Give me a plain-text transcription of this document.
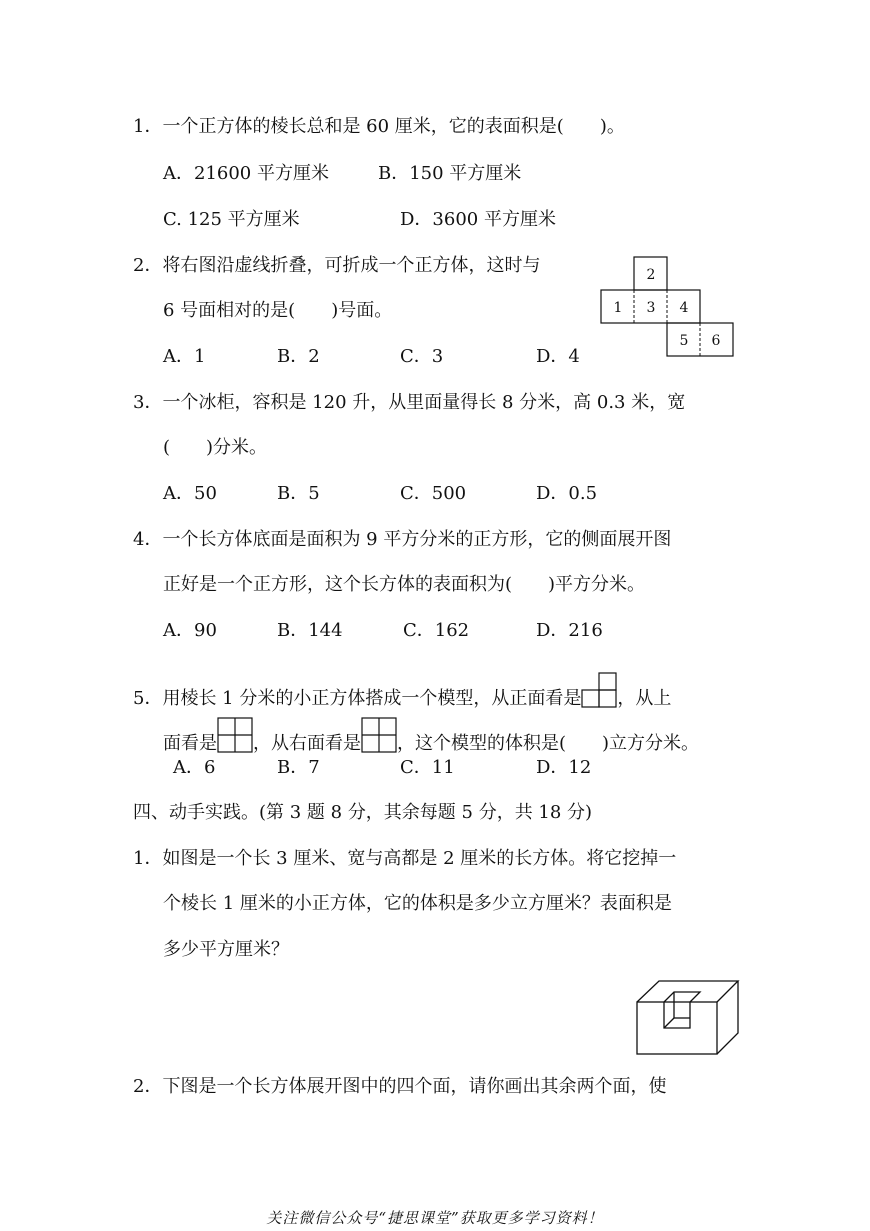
1．一个正方体的棱长总和是 60 厘米，它的表面积是(　　)。
A．21600 平方厘米	B．150 平方厘米
C. 125 平方厘米	D．3600 平方厘米
2．将右图沿虚线折叠，可折成一个正方体，这时与
6 号面相对的是(　　)号面。
A．1	B．2	C．3	D．4
2
1 3 4
5 6
3．一个冰柜，容积是 120 升，从里面量得长 8 分米，高 0.3 米，宽
(　　)分米。
A．50	B．5	C．500	D．0.5
4．一个长方体底面是面积为 9 平方分米的正方形，它的侧面展开图
正好是一个正方形，这个长方体的表面积为(　　)平方分米。
A．90	B．144	C．162	D．216
5．用棱长 1 分米的小正方体搭成一个模型，从正面看是 ，从上
面看是 ，从右面看是 ，这个模型的体积是(　　)立方分米。
A．6	B．7	C．11	D．12
四、动手实践。(第 3 题 8 分，其余每题 5 分，共 18 分)
1．如图是一个长 3 厘米、宽与高都是 2 厘米的长方体。将它挖掉一
个棱长 1 厘米的小正方体，它的体积是多少立方厘米？表面积是
多少平方厘米？
2．下图是一个长方体展开图中的四个面，请你画出其余两个面，使
关注微信公众号“捷思课堂”获取更多学习资料！
